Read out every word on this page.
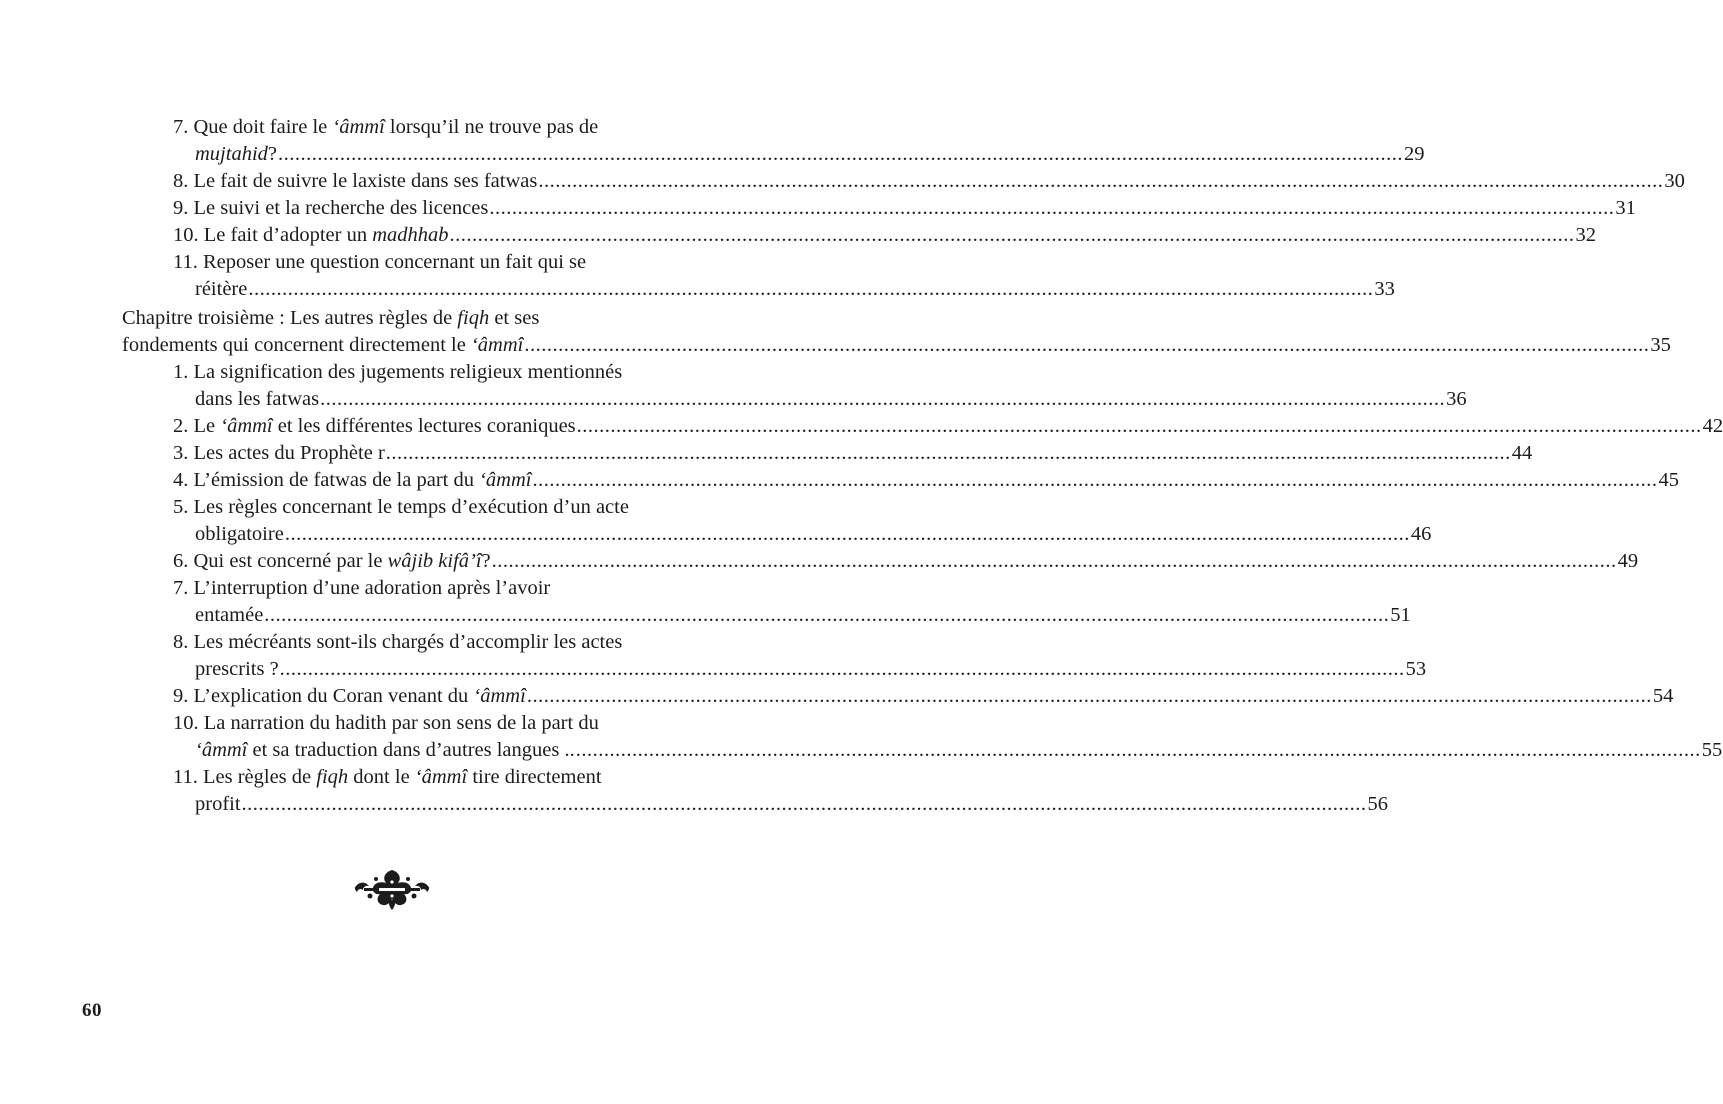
7. Que doit faire le ‘âmmî lorsqu’il ne trouve pas de
mujtahid? ........................................................................................................................................................................................................ 29
8. Le fait de suivre le laxiste dans ses fatwas ........................................................................................................................................................................................................ 30
9. Le suivi et la recherche des licences ........................................................................................................................................................................................................ 31
10. Le fait d’adopter un madhhab ........................................................................................................................................................................................................ 32
11. Reposer une question concernant un fait qui se
réitère ........................................................................................................................................................................................................ 33
Chapitre troisième : Les autres règles de fiqh et ses
fondements qui concernent directement le ‘âmmî ........................................................................................................................................................................................................ 35
1. La signification des jugements religieux mentionnés
dans les fatwas ........................................................................................................................................................................................................ 36
2. Le ‘âmmî et les différentes lectures coraniques ........................................................................................................................................................................................................ 42
3. Les actes du Prophète r ........................................................................................................................................................................................................ 44
4. L’émission de fatwas de la part du ‘âmmî ........................................................................................................................................................................................................ 45
5. Les règles concernant le temps d’exécution d’un acte
obligatoire ........................................................................................................................................................................................................ 46
6. Qui est concerné par le wâjib kifâ’î? ........................................................................................................................................................................................................ 49
7. L’interruption d’une adoration après l’avoir
entamée ........................................................................................................................................................................................................ 51
8. Les mécréants sont-ils chargés d’accomplir les actes
prescrits ? ........................................................................................................................................................................................................ 53
9. L’explication du Coran venant du ‘âmmî ........................................................................................................................................................................................................ 54
10. La narration du hadith par son sens de la part du
‘âmmî et sa traduction dans d’autres langues .. ........................................................................................................................................................................................................ 55
11. Les règles de fiqh dont le ‘âmmî tire directement
profit ........................................................................................................................................................................................................ 56
60
